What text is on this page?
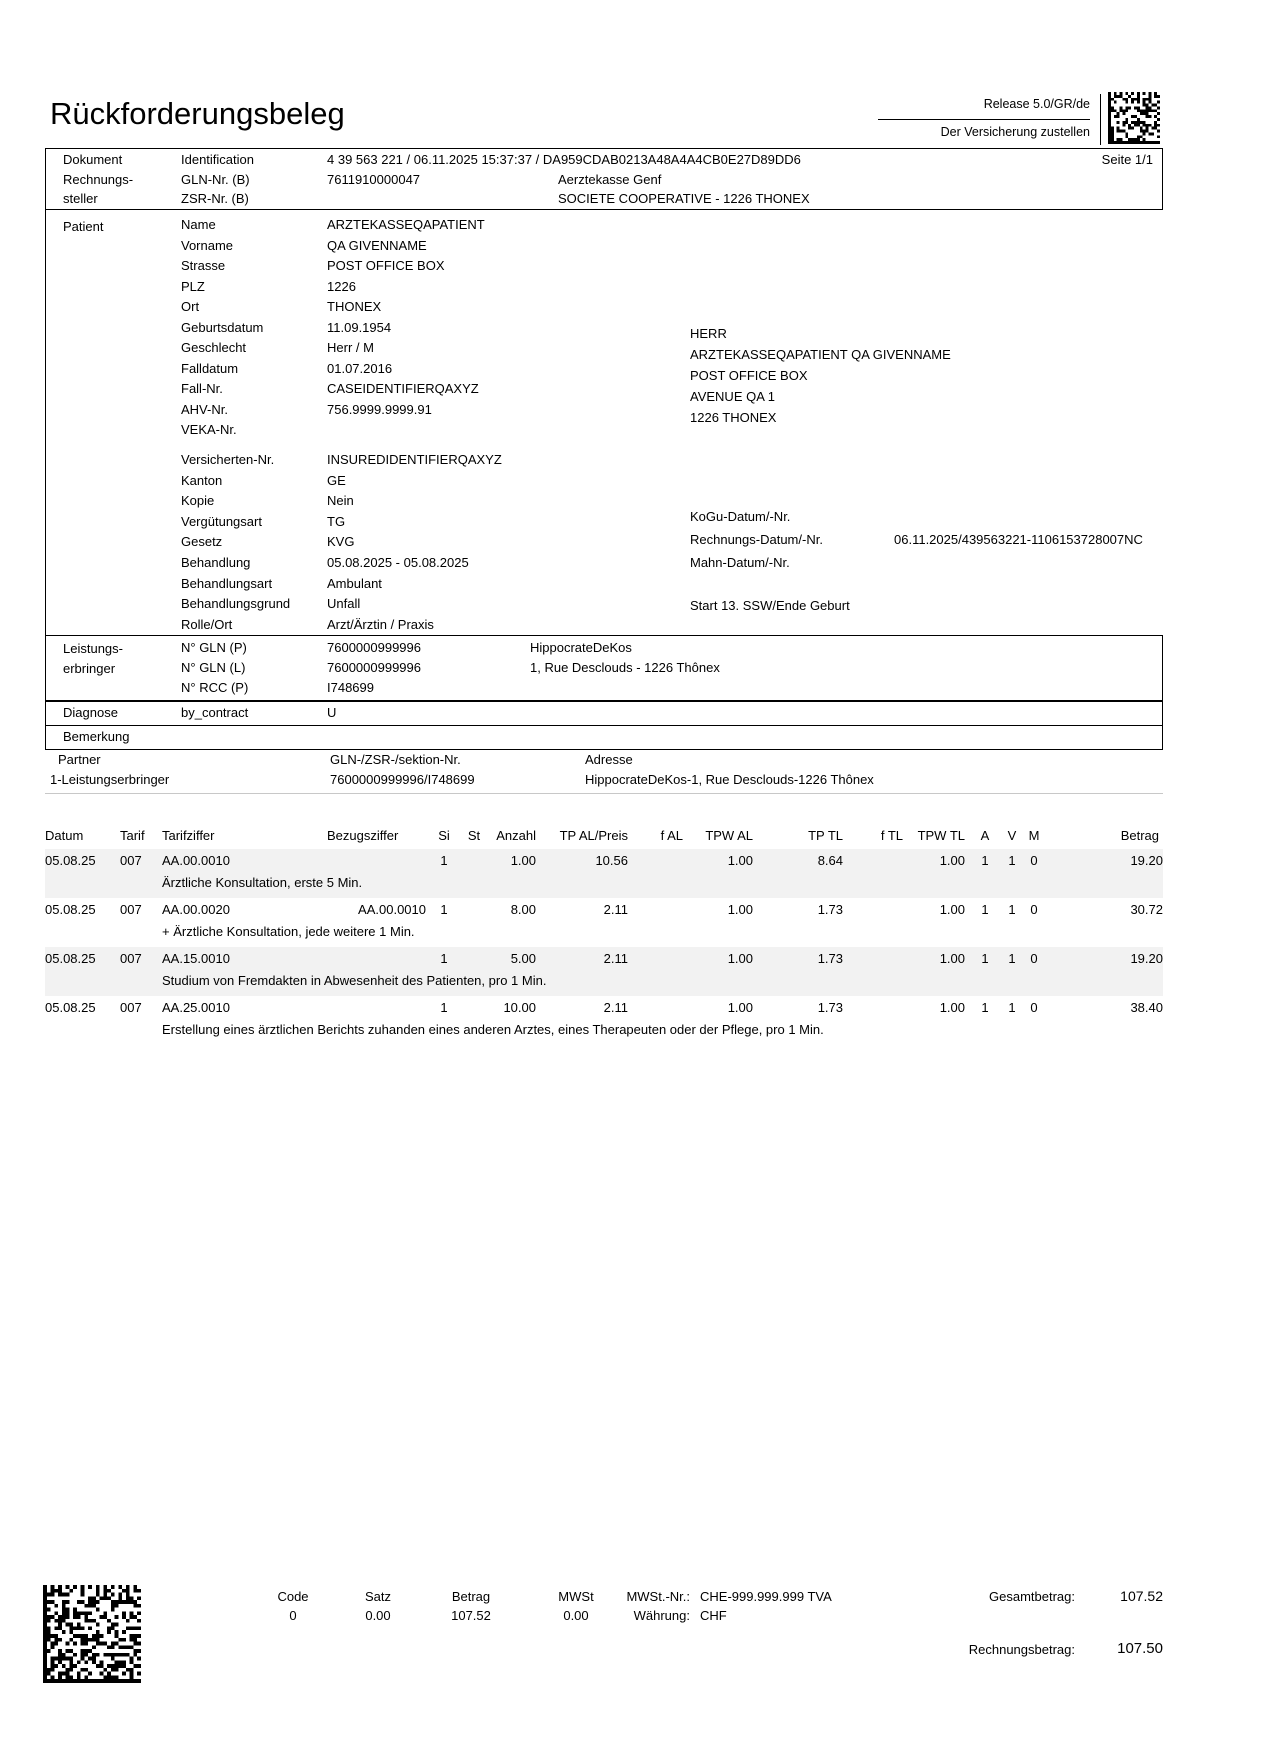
Rückforderungsbeleg	Release 5.0/GR/de
Der Versicherung zustellen
Dokument	Identification	4 39 563 221 / 06.11.2025 15:37:37 / DA959CDAB0213A48A4A4CB0E27D89DD6	Seite 1/1
Rechnungs-	GLN-Nr. (B)	7611910000047	Aerztekasse Genf
steller	ZSR-Nr. (B)	SOCIETE COOPERATIVE - 1226 THONEX
Patient	Name	ARZTEKASSEQAPATIENT
Vorname	QA GIVENNAME
Strasse	POST OFFICE BOX
PLZ	1226
Ort	THONEX
Geburtsdatum	11.09.1954
Geschlecht	Herr / M
Falldatum	01.07.2016
Fall-Nr.	CASEIDENTIFIERQAXYZ
AHV-Nr.	756.9999.9999.91
VEKA-Nr.
Versicherten-Nr.	INSUREDIDENTIFIERQAXYZ
Kanton	GE
Kopie	Nein
Vergütungsart	TG
Gesetz	KVG
Behandlung	05.08.2025 - 05.08.2025
Behandlungsart	Ambulant
Behandlungsgrund	Unfall
Rolle/Ort	Arzt/Ärztin / Praxis
HERR
ARZTEKASSEQAPATIENT QA GIVENNAME
POST OFFICE BOX
AVENUE QA 1
1226 THONEX
KoGu-Datum/-Nr.
Rechnungs-Datum/-Nr.	06.11.2025/439563221-1106153728007NC
Mahn-Datum/-Nr.
Start 13. SSW/Ende Geburt
Leistungs-
erbringer
N° GLN (P)	7600000999996	HippocrateDeKos
N° GLN (L)	7600000999996	1, Rue Desclouds - 1226 Thônex
N° RCC (P)	I748699
Diagnose	by_contract	U
Bemerkung
Partner	GLN-/ZSR-/sektion-Nr.	Adresse
1-Leistungserbringer	7600000999996/I748699	HippocrateDeKos-1, Rue Desclouds-1226 Thônex
Datum	Tarif	Tarifziffer	Bezugsziffer	Si	St	Anzahl	TP AL/Preis	f AL	TPW AL	TP TL	f TL	TPW TL	A	V	M	Betrag
05.08.25	007	AA.00.0010		1		1.00	10.56		1.00	8.64		1.00	1	1	0	19.20
		Ärztliche Konsultation, erste 5 Min.														
05.08.25	007	AA.00.0020	AA.00.0010	1		8.00	2.11		1.00	1.73		1.00	1	1	0	30.72
		+ Ärztliche Konsultation, jede weitere 1 Min.														
05.08.25	007	AA.15.0010		1		5.00	2.11		1.00	1.73		1.00	1	1	0	19.20
		Studium von Fremdakten in Abwesenheit des Patienten, pro 1 Min.														
05.08.25	007	AA.25.0010		1		10.00	2.11		1.00	1.73		1.00	1	1	0	38.40
		Erstellung eines ärztlichen Berichts zuhanden eines anderen Arztes, eines Therapeuten oder der Pflege, pro 1 Min.														
Code	Satz	Betrag	MWSt
0	0.00	107.52	0.00
MWSt.-Nr.: CHE-999.999.999 TVA
Währung: CHF
Gesamtbetrag:	107.52
Rechnungsbetrag:	107.50
